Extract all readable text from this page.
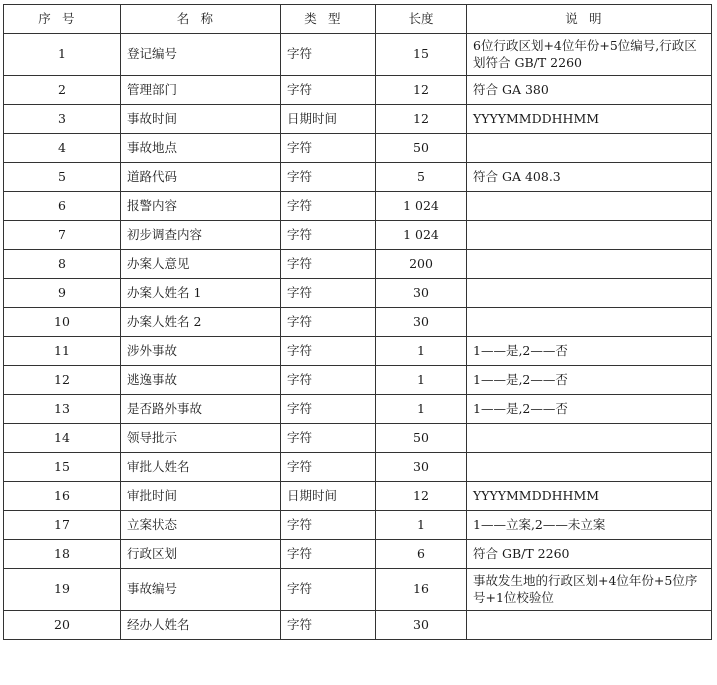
序号	名称	类型	长度	说明
1	登记编号	字符	15	6位行政区划+4位年份+5位编号,行政区划符合 GB/T 2260
2	管理部门	字符	12	符合 GA 380
3	事故时间	日期时间	12	YYYYMMDDHHMM
4	事故地点	字符	50	
5	道路代码	字符	5	符合 GA 408.3
6	报警内容	字符	1 024	
7	初步调查内容	字符	1 024	
8	办案人意见	字符	200	
9	办案人姓名 1	字符	30	
10	办案人姓名 2	字符	30	
11	涉外事故	字符	1	1——是,2——否
12	逃逸事故	字符	1	1——是,2——否
13	是否路外事故	字符	1	1——是,2——否
14	领导批示	字符	50	
15	审批人姓名	字符	30	
16	审批时间	日期时间	12	YYYYMMDDHHMM
17	立案状态	字符	1	1——立案,2——未立案
18	行政区划	字符	6	符合 GB/T 2260
19	事故编号	字符	16	事故发生地的行政区划+4位年份+5位序号+1位校验位
20	经办人姓名	字符	30	
